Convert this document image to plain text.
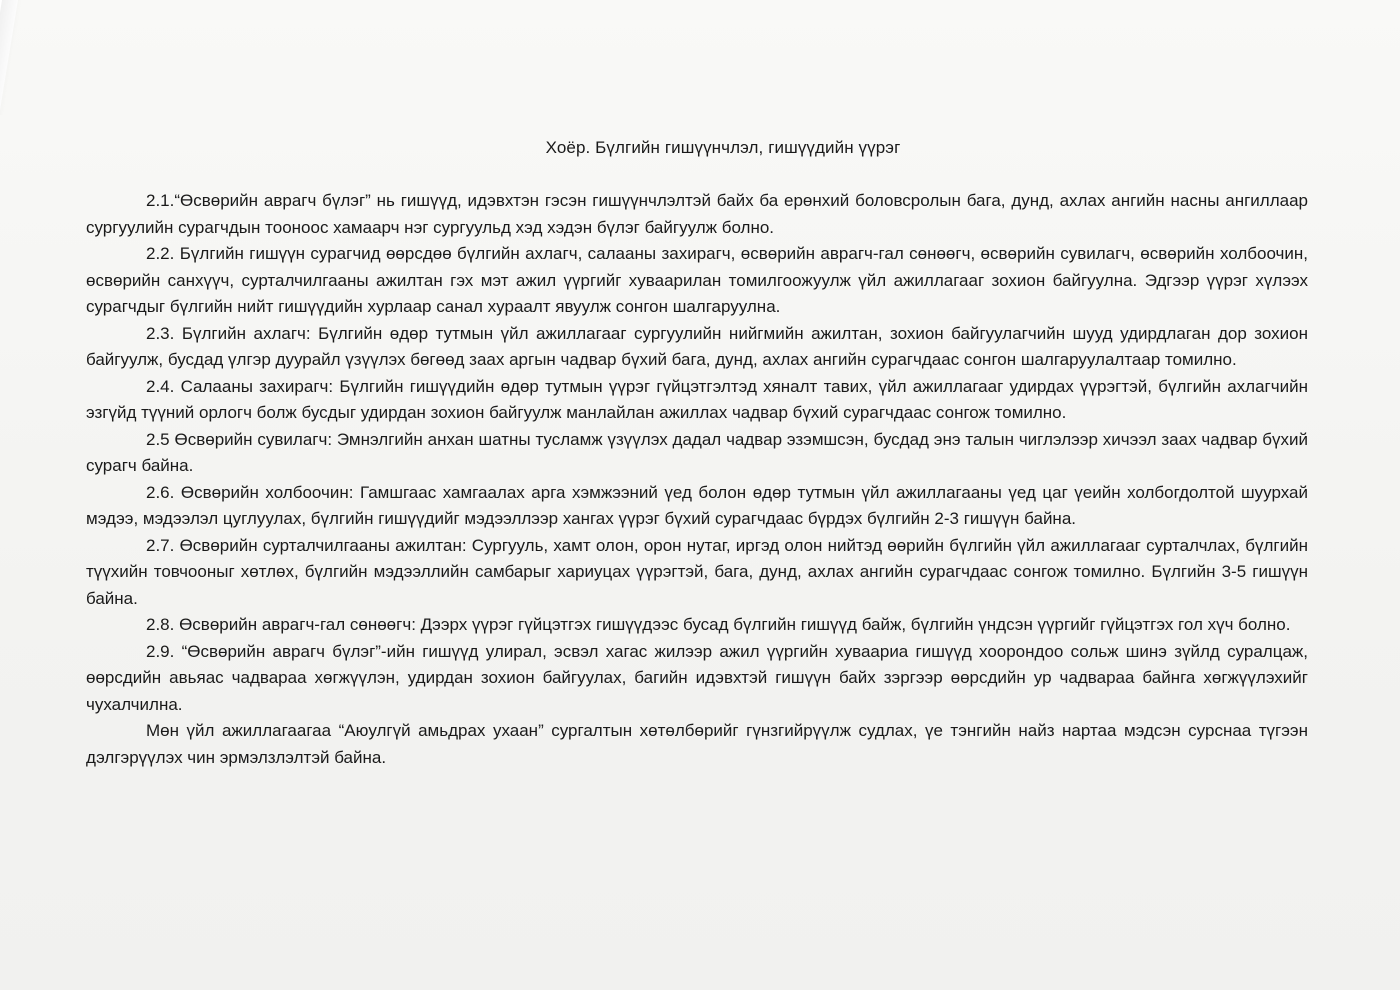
Хоёр. Бүлгийн гишүүнчлэл, гишүүдийн үүрэг

2.1.“Өсвөрийн аврагч бүлэг” нь гишүүд, идэвхтэн гэсэн гишүүнчлэлтэй байх ба ерөнхий боловсролын бага, дунд, ахлах ангийн насны ангиллаар сургуулийн сурагчдын тооноос хамаарч нэг сургуульд хэд хэдэн бүлэг байгуулж болно.

2.2. Бүлгийн гишүүн сурагчид өөрсдөө бүлгийн ахлагч, салааны захирагч, өсвөрийн аврагч-гал сөнөөгч, өсвөрийн сувилагч, өсвөрийн холбоочин, өсвөрийн санхүүч, сурталчилгааны ажилтан гэх мэт ажил үүргийг хуваарилан томилгоожуулж үйл ажиллагааг зохион байгуулна. Эдгээр үүрэг хүлээх сурагчдыг бүлгийн нийт гишүүдийн хурлаар санал хураалт явуулж сонгон шалгаруулна.

2.3. Бүлгийн ахлагч: Бүлгийн өдөр тутмын үйл ажиллагааг сургуулийн нийгмийн ажилтан, зохион байгуулагчийн шууд удирдлаган дор зохион байгуулж, бусдад үлгэр дуурайл үзүүлэх бөгөөд заах аргын чадвар бүхий бага, дунд, ахлах ангийн сурагчдаас сонгон шалгаруулалтаар томилно.

2.4. Салааны захирагч: Бүлгийн гишүүдийн өдөр тутмын үүрэг гүйцэтгэлтэд хяналт тавих, үйл ажиллагааг удирдах үүрэгтэй, бүлгийн ахлагчийн эзгүйд түүний орлогч болж бусдыг удирдан зохион байгуулж манлайлан ажиллах чадвар бүхий сурагчдаас сонгож томилно.

2.5 Өсвөрийн сувилагч: Эмнэлгийн анхан шатны тусламж үзүүлэх дадал чадвар эзэмшсэн, бусдад энэ талын чиглэлээр хичээл заах чадвар бүхий сурагч байна.

2.6. Өсвөрийн холбоочин: Гамшгаас хамгаалах арга хэмжээний үед болон өдөр тутмын үйл ажиллагааны үед цаг үеийн холбогдолтой шуурхай мэдээ, мэдээлэл цуглуулах, бүлгийн гишүүдийг мэдээллээр хангах үүрэг бүхий сурагчдаас бүрдэх бүлгийн 2-3 гишүүн байна.

2.7. Өсвөрийн сурталчилгааны ажилтан: Сургууль, хамт олон, орон нутаг, иргэд олон нийтэд өөрийн бүлгийн үйл ажиллагааг сурталчлах, бүлгийн түүхийн товчооныг хөтлөх, бүлгийн мэдээллийн самбарыг хариуцах үүрэгтэй, бага, дунд, ахлах ангийн сурагчдаас сонгож томилно. Бүлгийн 3-5 гишүүн байна.

2.8. Өсвөрийн аврагч-гал сөнөөгч: Дээрх үүрэг гүйцэтгэх гишүүдээс бусад бүлгийн гишүүд байж, бүлгийн үндсэн үүргийг гүйцэтгэх гол хүч болно.

2.9. “Өсвөрийн аврагч бүлэг”-ийн гишүүд улирал, эсвэл хагас жилээр ажил үүргийн хуваариа гишүүд хоорондоо сольж шинэ зүйлд суралцаж, өөрсдийн авьяас чадвараа хөгжүүлэн, удирдан зохион байгуулах, багийн идэвхтэй гишүүн байх зэргээр өөрсдийн ур чадвараа байнга хөгжүүлэхийг чухалчилна.

Мөн үйл ажиллагаагаа “Аюулгүй амьдрах ухаан” сургалтын хөтөлбөрийг гүнзгийрүүлж судлах, үе тэнгийн найз нартаа мэдсэн сурснаа түгээн дэлгэрүүлэх чин эрмэлзлэлтэй байна.
